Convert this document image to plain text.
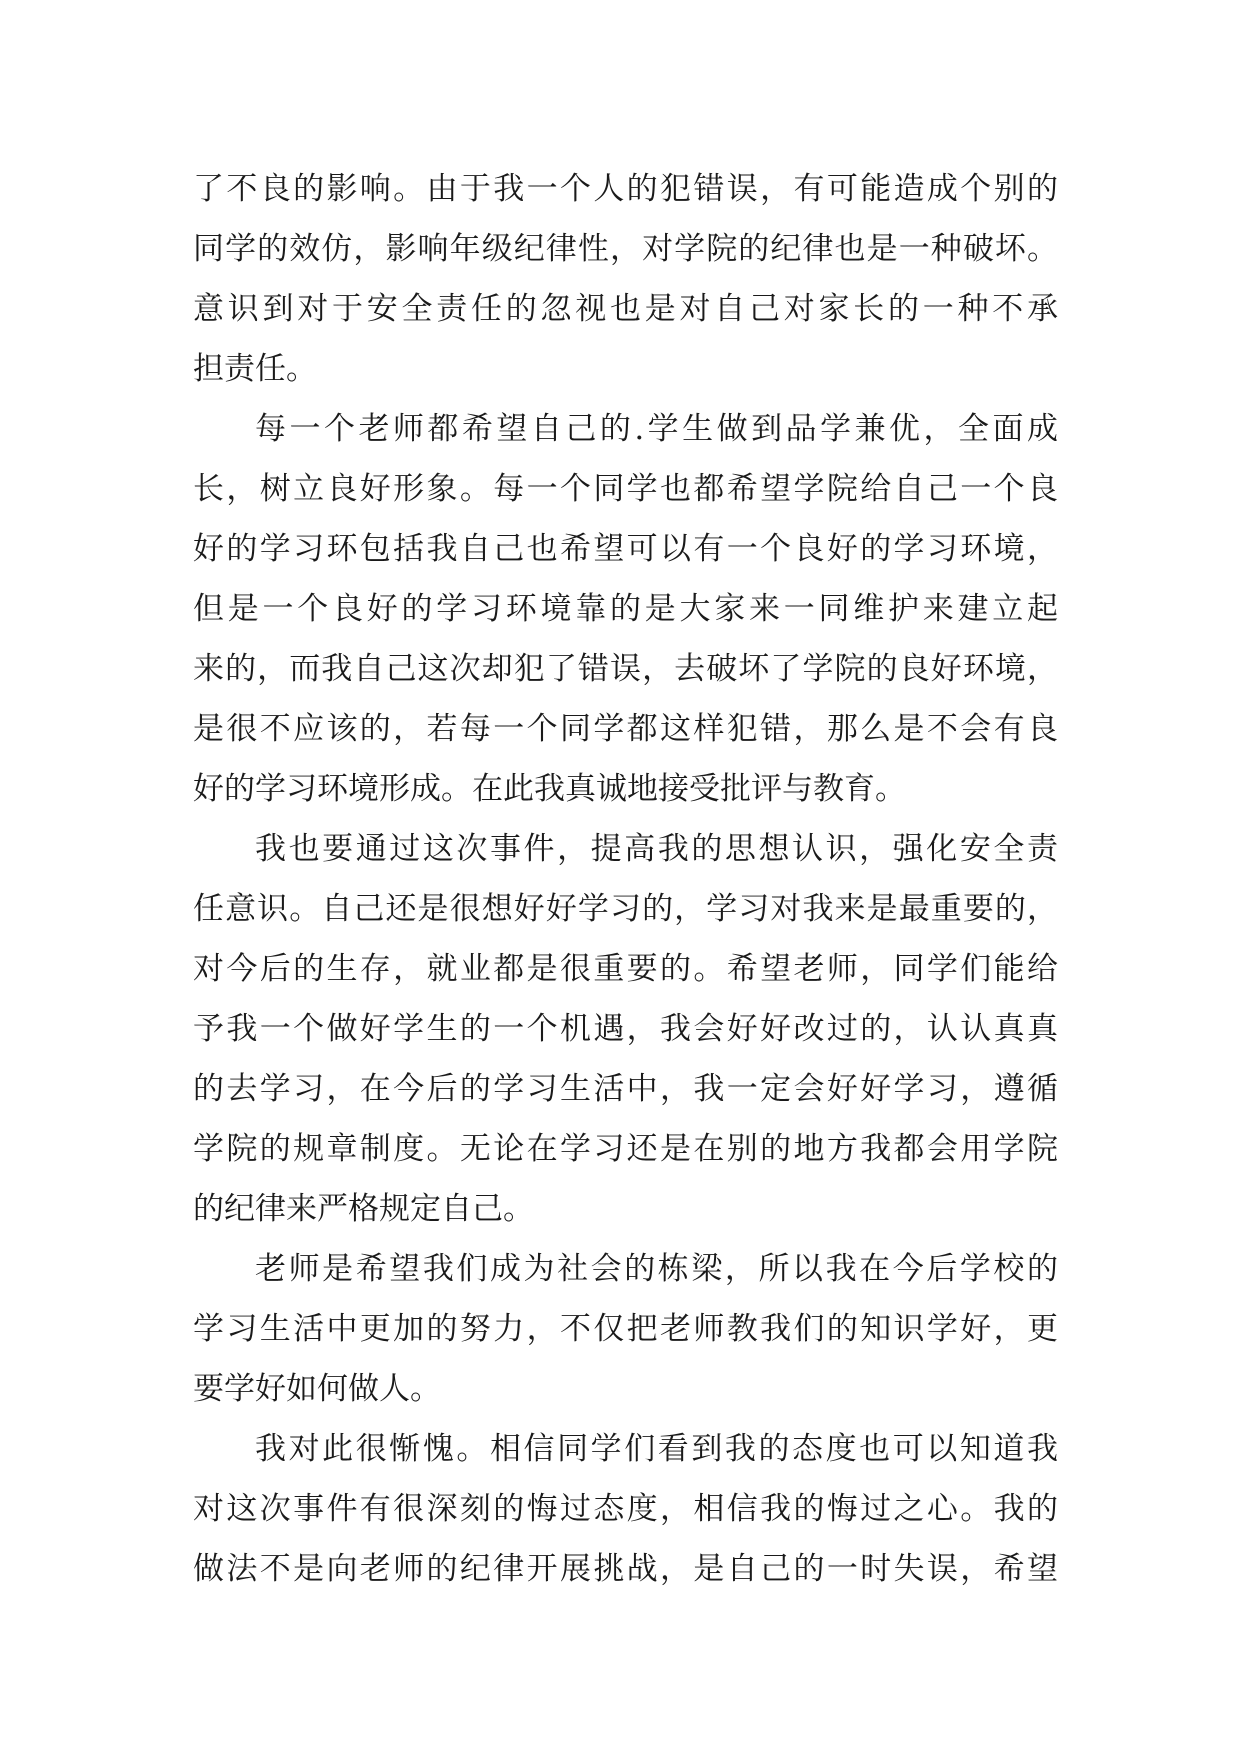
了不良的影响。由于我一个人的犯错误，有可能造成个别的
同学的效仿，影响年级纪律性，对学院的纪律也是一种破坏。
意识到对于安全责任的忽视也是对自己对家长的一种不承
担责任。

每一个老师都希望自己的.学生做到品学兼优，全面成
长，树立良好形象。每一个同学也都希望学院给自己一个良
好的学习环包括我自己也希望可以有一个良好的学习环境，
但是一个良好的学习环境靠的是大家来一同维护来建立起
来的，而我自己这次却犯了错误，去破坏了学院的良好环境，
是很不应该的，若每一个同学都这样犯错，那么是不会有良
好的学习环境形成。在此我真诚地接受批评与教育。

我也要通过这次事件，提高我的思想认识，强化安全责
任意识。自己还是很想好好学习的，学习对我来是最重要的，
对今后的生存，就业都是很重要的。希望老师，同学们能给
予我一个做好学生的一个机遇，我会好好改过的，认认真真
的去学习，在今后的学习生活中，我一定会好好学习，遵循
学院的规章制度。无论在学习还是在别的地方我都会用学院
的纪律来严格规定自己。

老师是希望我们成为社会的栋梁，所以我在今后学校的
学习生活中更加的努力，不仅把老师教我们的知识学好，更
要学好如何做人。

我对此很惭愧。相信同学们看到我的态度也可以知道我
对这次事件有很深刻的悔过态度，相信我的悔过之心。我的
做法不是向老师的纪律开展挑战，是自己的一时失误，希望
